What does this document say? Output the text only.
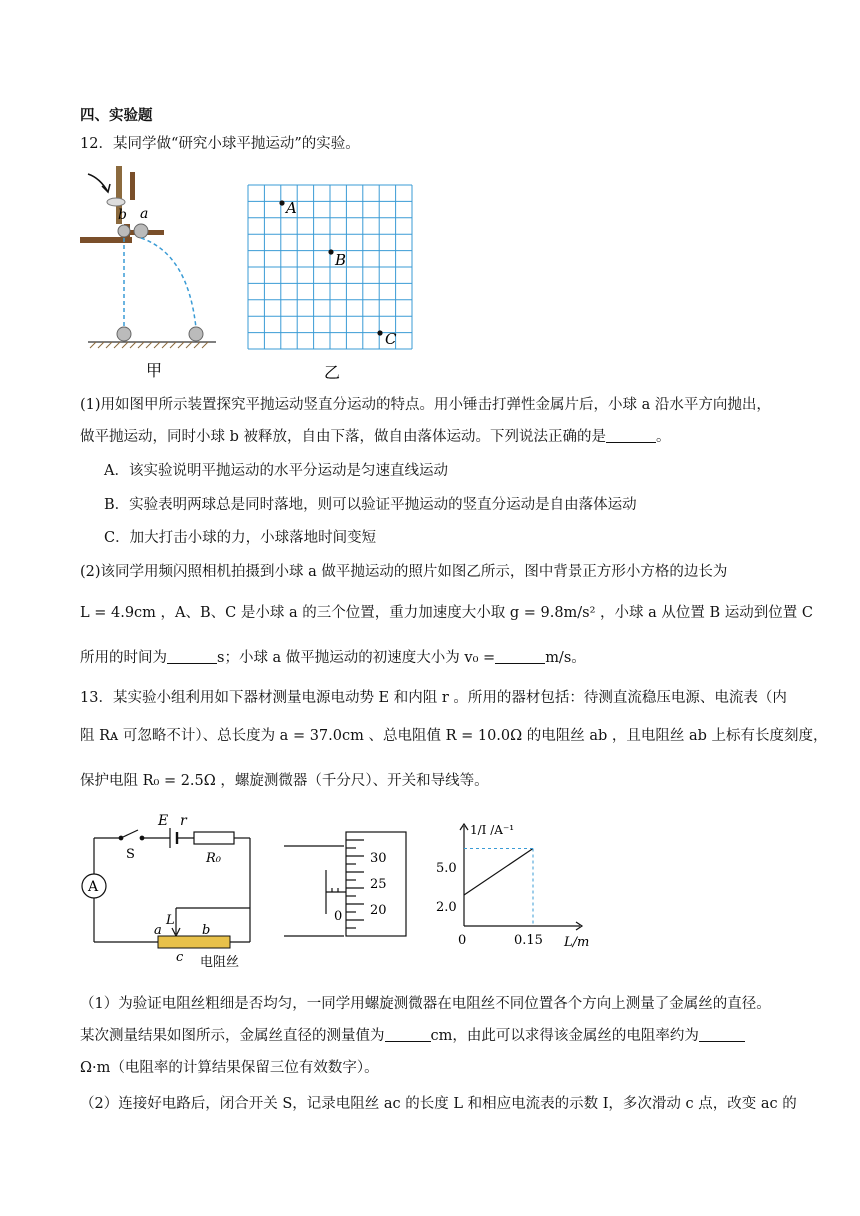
四、实验题
12．某同学做“研究小球平抛运动”的实验。
b a
甲
A
B
C
乙
(1)用如图甲所示装置探究平抛运动竖直分运动的特点。用小锤击打弹性金属片后，小球 a 沿水平方向抛出，
做平抛运动，同时小球 b 被释放，自由下落，做自由落体运动。下列说法正确的是	。
A．该实验说明平抛运动的水平分运动是匀速直线运动
B．实验表明两球总是同时落地，则可以验证平抛运动的竖直分运动是自由落体运动
C．加大打击小球的力，小球落地时间变短
(2)该同学用频闪照相机拍摄到小球 a 做平抛运动的照片如图乙所示，图中背景正方形小方格的边长为
L = 4.9cm ，A、B、C 是小球 a 的三个位置，重力加速度大小取 g = 9.8m/s² ，小球 a 从位置 B 运动到位置 C
所用的时间为	s；小球 a 做平抛运动的初速度大小为 v₀ =	m/s。
13．某实验小组利用如下器材测量电源电动势 E 和内阻 r 。所用的器材包括：待测直流稳压电源、电流表（内
阻 Rᴀ 可忽略不计）、总长度为 a = 37.0cm 、总电阻值 R = 10.0Ω 的电阻丝 ab ，且电阻丝 ab 上标有长度刻度，
保护电阻 R₀ = 2.5Ω ，螺旋测微器（千分尺）、开关和导线等。
A
S
E r
R₀
L
a	b
c 电阻丝
30
25
20
0
1/I /A⁻¹
L/m
5.0
2.0
0	0.15
（1）为验证电阻丝粗细是否均匀，一同学用螺旋测微器在电阻丝不同位置各个方向上测量了金属丝的直径。
某次测量结果如图所示，金属丝直径的测量值为	cm，由此可以求得该金属丝的电阻率约为
Ω·m（电阻率的计算结果保留三位有效数字）。
（2）连接好电路后，闭合开关 S，记录电阻丝 ac 的长度 L 和相应电流表的示数 I，多次滑动 c 点，改变 ac 的
